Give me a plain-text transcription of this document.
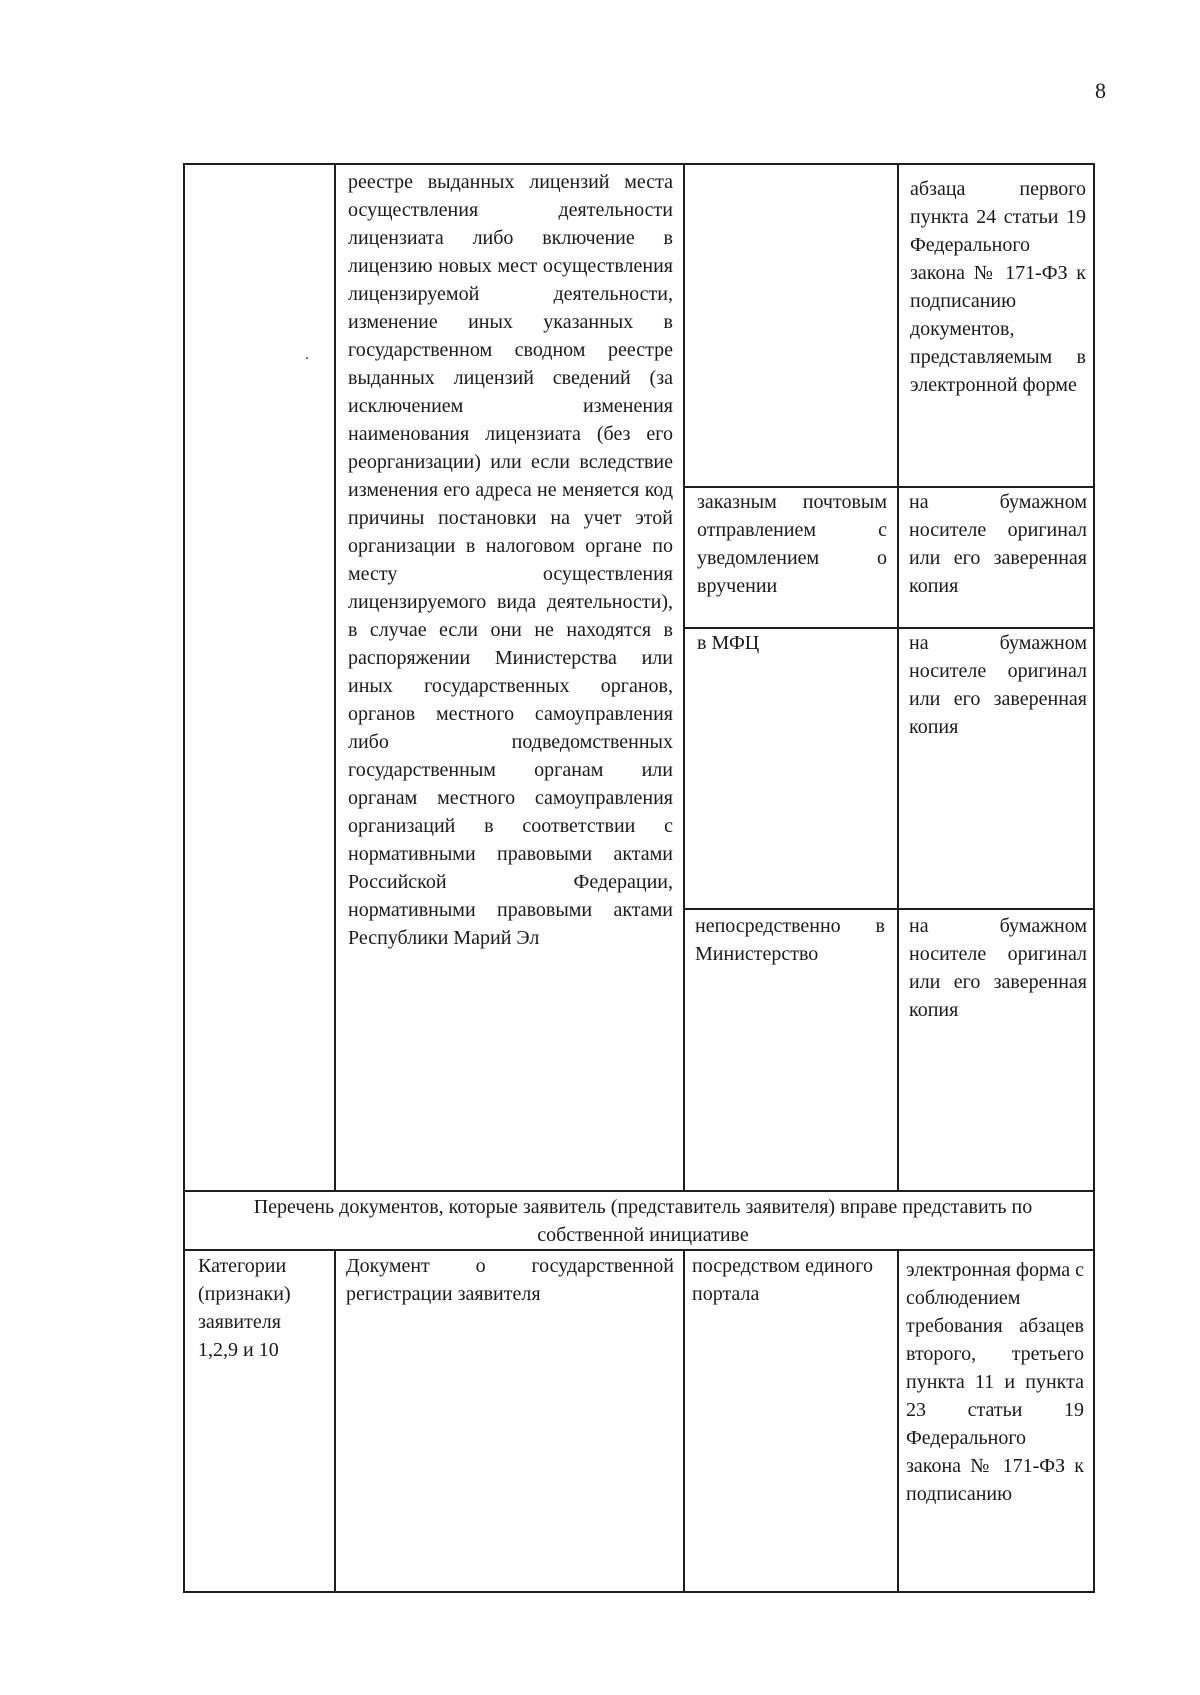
8
реестре выданных лицензий места осуществления деятельности лицензиата либо включение в лицензию новых мест осуществления лицензируемой деятельности, изменение иных указанных в государственном сводном реестре выданных лицензий сведений (за исключением изменения наименования лицензиата (без его реорганизации) или если вследствие изменения его адреса не меняется код причины постановки на учет этой организации в налоговом органе по месту осуществления лицензируемого вида деятельности), в случае если они не находятся в распоряжении Министерства или иных государственных органов, органов местного самоуправления либо подведомственных государственным органам или органам местного самоуправления организаций в соответствии с нормативными правовыми актами Российской Федерации, нормативными правовыми актами Республики Марий Эл
абзаца первого пункта 24 статьи 19 Федерального закона № 171-ФЗ к подписанию документов, представляемым в электронной форме
заказным почтовым отправлением с уведомлением о вручении
на бумажном носителе оригинал или его заверенная копия
в МФЦ	на бумажном носителе оригинал или его заверенная копия
непосредственно в Министерство
на бумажном носителе оригинал или его заверенная копия
Перечень документов, которые заявитель (представитель заявителя) вправе представить по собственной инициативе
Категории (признаки) заявителя 1,2,9 и 10
Документ о государственной регистрации заявителя
посредством единого портала
электронная форма с соблюдением требования абзацев второго, третьего пункта 11 и пункта 23 статьи 19 Федерального закона № 171-ФЗ к подписанию
